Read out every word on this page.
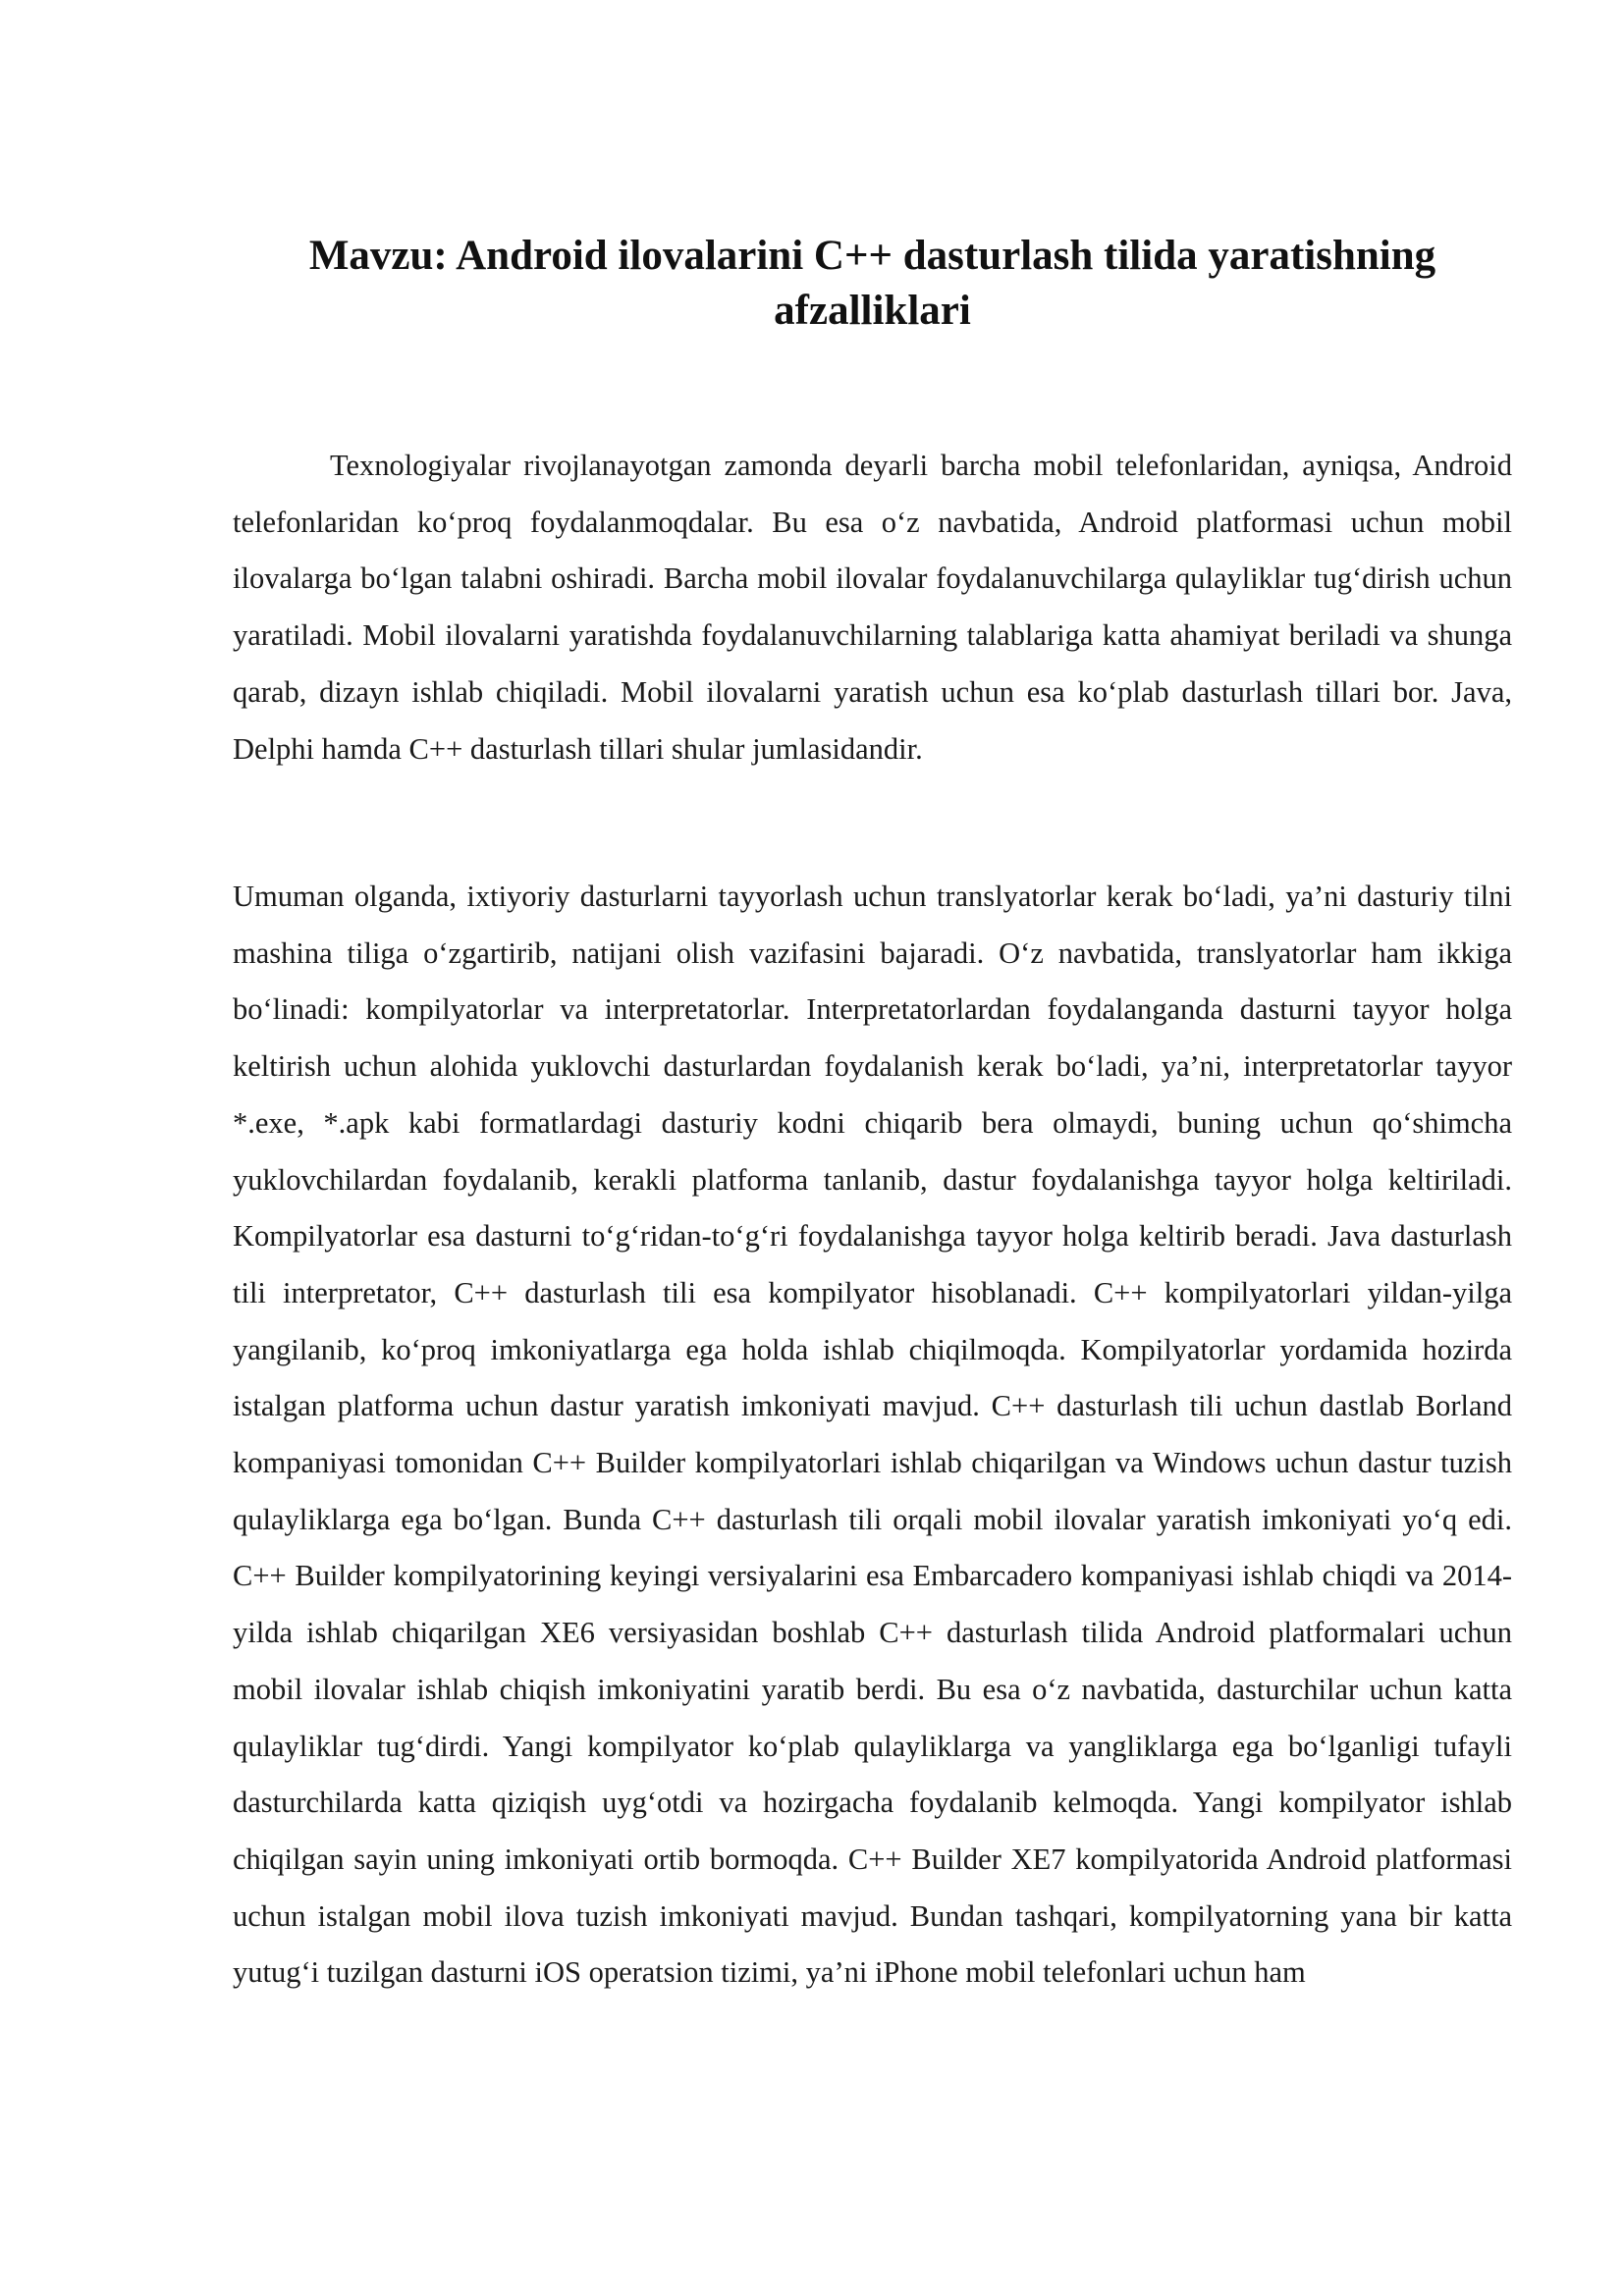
Mavzu: Android ilovalarini C++ dasturlash tilida yaratishning afzalliklari

Texnologiyalar rivojlanayotgan zamonda deyarli barcha mobil telefonlaridan, ayniqsa, Android telefonlaridan ko‘proq foydalanmoqdalar. Bu esa o‘z navbatida, Android platformasi uchun mobil ilovalarga bo‘lgan talabni oshiradi. Barcha mobil ilovalar foydalanuvchilarga qulayliklar tug‘dirish uchun yaratiladi. Mobil ilovalarni yaratishda foydalanuvchilarning talablariga katta ahamiyat beriladi va shunga qarab, dizayn ishlab chiqiladi. Mobil ilovalarni yaratish uchun esa ko‘plab dasturlash tillari bor. Java, Delphi hamda C++ dasturlash tillari shular jumlasidandir.

Umuman olganda, ixtiyoriy dasturlarni tayyorlash uchun translyatorlar kerak bo‘ladi, ya’ni dasturiy tilni mashina tiliga o‘zgartirib, natijani olish vazifasini bajaradi. O‘z navbatida, translyatorlar ham ikkiga bo‘linadi: kompilyatorlar va interpretatorlar. Interpretatorlardan foydalanganda dasturni tayyor holga keltirish uchun alohida yuklovchi dasturlardan foydalanish kerak bo‘ladi, ya’ni, interpretatorlar tayyor *.exe, *.apk kabi formatlardagi dasturiy kodni chiqarib bera olmaydi, buning uchun qo‘shimcha yuklovchilardan foydalanib, kerakli platforma tanlanib, dastur foydalanishga tayyor holga keltiriladi. Kompilyatorlar esa dasturni to‘g‘ridan-to‘g‘ri foydalanishga tayyor holga keltirib beradi. Java dasturlash tili interpretator, C++ dasturlash tili esa kompilyator hisoblanadi. C++ kompilyatorlari yildan-yilga yangilanib, ko‘proq imkoniyatlarga ega holda ishlab chiqilmoqda. Kompilyatorlar yordamida hozirda istalgan platforma uchun dastur yaratish imkoniyati mavjud. C++ dasturlash tili uchun dastlab Borland kompaniyasi tomonidan C++ Builder kompilyatorlari ishlab chiqarilgan va Windows uchun dastur tuzish qulayliklarga ega bo‘lgan. Bunda C++ dasturlash tili orqali mobil ilovalar yaratish imkoniyati yo‘q edi. C++ Builder kompilyatorining keyingi versiyalarini esa Embarcadero kompaniyasi ishlab chiqdi va 2014-yilda ishlab chiqarilgan XE6 versiyasidan boshlab C++ dasturlash tilida Android platformalari uchun mobil ilovalar ishlab chiqish imkoniyatini yaratib berdi. Bu esa o‘z navbatida, dasturchilar uchun katta qulayliklar tug‘dirdi. Yangi kompilyator ko‘plab qulayliklarga va yangliklarga ega bo‘lganligi tufayli dasturchilarda katta qiziqish uyg‘otdi va hozirgacha foydalanib kelmoqda. Yangi kompilyator ishlab chiqilgan sayin uning imkoniyati ortib bormoqda. C++ Builder XE7 kompilyatorida Android platformasi uchun istalgan mobil ilova tuzish imkoniyati mavjud. Bundan tashqari, kompilyatorning yana bir katta yutug‘i tuzilgan dasturni iOS operatsion tizimi, ya’ni iPhone mobil telefonlari uchun ham
